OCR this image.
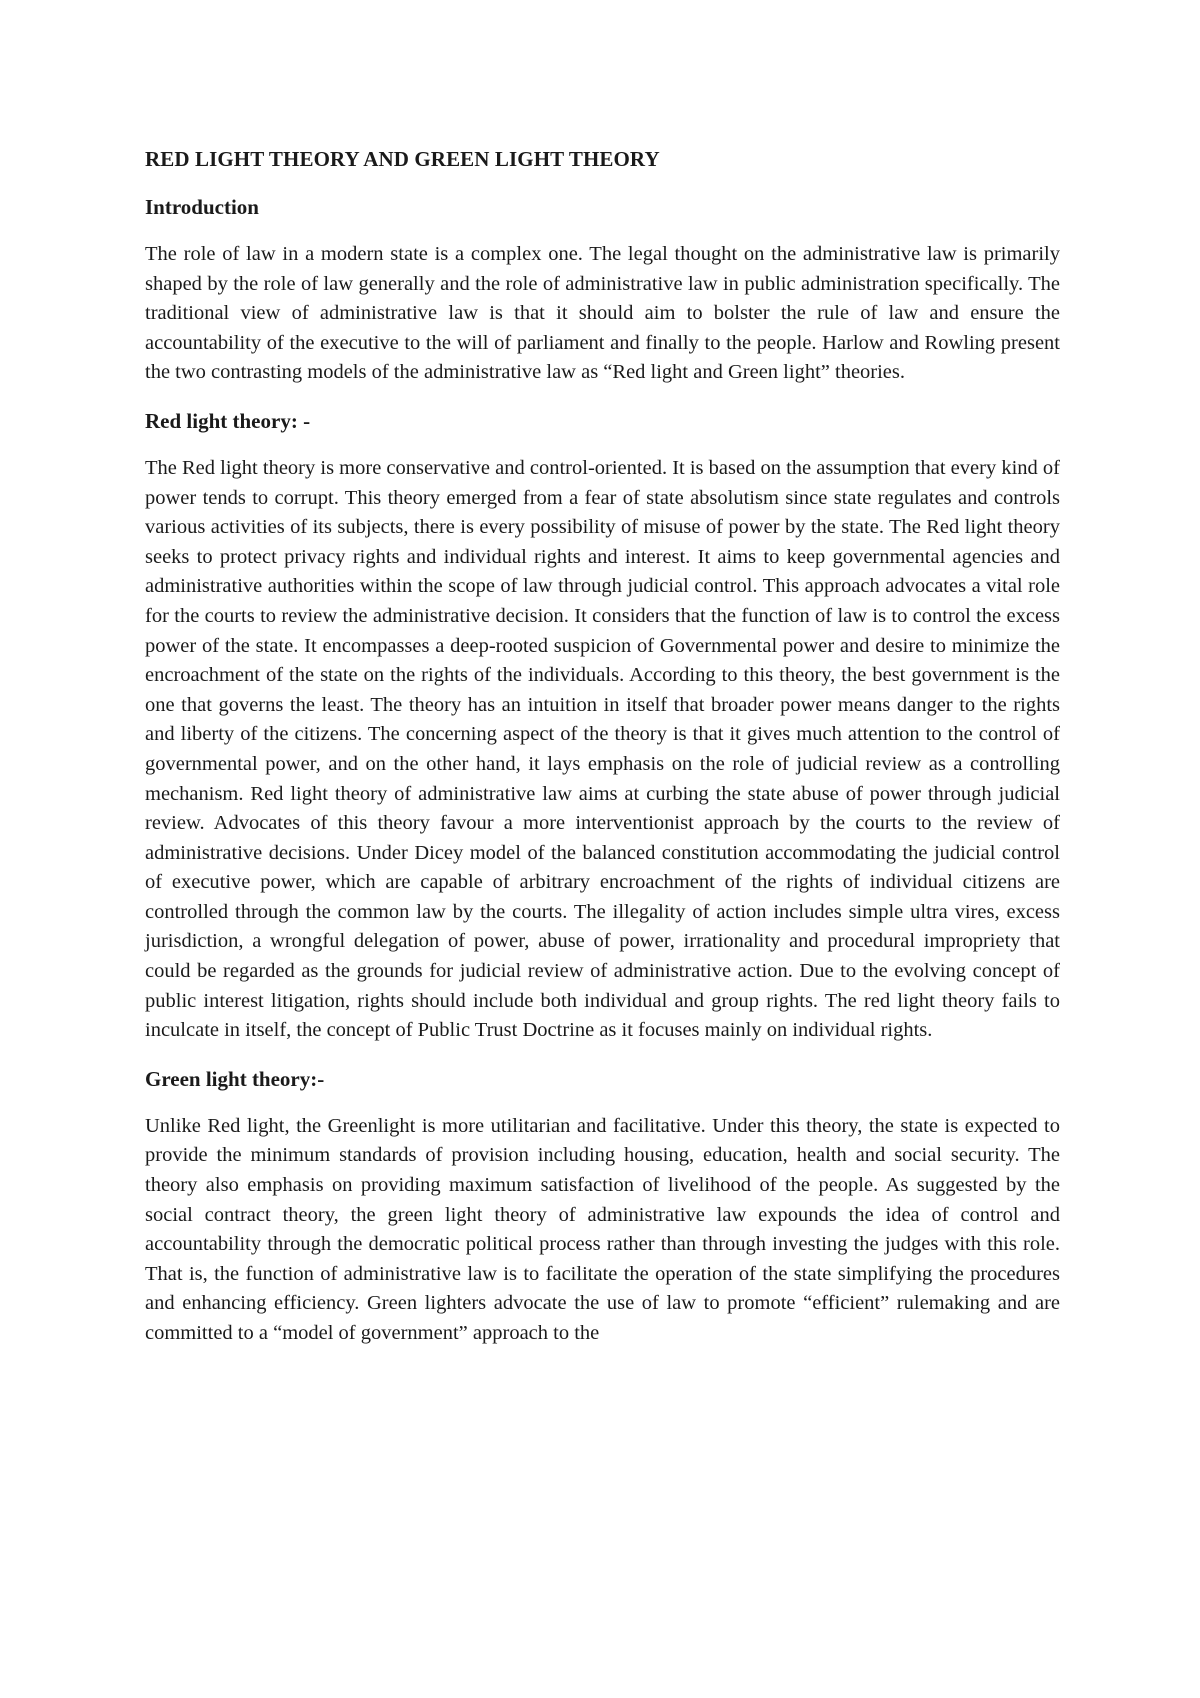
RED LIGHT THEORY AND GREEN LIGHT THEORY
Introduction

The role of law in a modern state is a complex one. The legal thought on the administrative law is primarily shaped by the role of law generally and the role of administrative law in public administration specifically. The traditional view of administrative law is that it should aim to bolster the rule of law and ensure the accountability of the executive to the will of parliament and finally to the people. Harlow and Rowling present the two contrasting models of the administrative law as “Red light and Green light” theories.

Red light theory: -

The Red light theory is more conservative and control-oriented. It is based on the assumption that every kind of power tends to corrupt. This theory emerged from a fear of state absolutism since state regulates and controls various activities of its subjects, there is every possibility of misuse of power by the state. The Red light theory seeks to protect privacy rights and individual rights and interest. It aims to keep governmental agencies and administrative authorities within the scope of law through judicial control. This approach advocates a vital role for the courts to review the administrative decision. It considers that the function of law is to control the excess power of the state. It encompasses a deep-rooted suspicion of Governmental power and desire to minimize the encroachment of the state on the rights of the individuals. According to this theory, the best government is the one that governs the least. The theory has an intuition in itself that broader power means danger to the rights and liberty of the citizens. The concerning aspect of the theory is that it gives much attention to the control of governmental power, and on the other hand, it lays emphasis on the role of judicial review as a controlling mechanism. Red light theory of administrative law aims at curbing the state abuse of power through judicial review. Advocates of this theory favour a more interventionist approach by the courts to the review of administrative decisions. Under Dicey model of the balanced constitution accommodating the judicial control of executive power, which are capable of arbitrary encroachment of the rights of individual citizens are controlled through the common law by the courts. The illegality of action includes simple ultra vires, excess jurisdiction, a wrongful delegation of power, abuse of power, irrationality and procedural impropriety that could be regarded as the grounds for judicial review of administrative action. Due to the evolving concept of public interest litigation, rights should include both individual and group rights. The red light theory fails to inculcate in itself, the concept of Public Trust Doctrine as it focuses mainly on individual rights.

Green light theory:-

Unlike Red light, the Greenlight is more utilitarian and facilitative. Under this theory, the state is expected to provide the minimum standards of provision including housing, education, health and social security. The theory also emphasis on providing maximum satisfaction of livelihood of the people. As suggested by the social contract theory, the green light theory of administrative law expounds the idea of control and accountability through the democratic political process rather than through investing the judges with this role. That is, the function of administrative law is to facilitate the operation of the state simplifying the procedures and enhancing efficiency. Green lighters advocate the use of law to promote “efficient” rulemaking and are committed to a “model of government” approach to the
